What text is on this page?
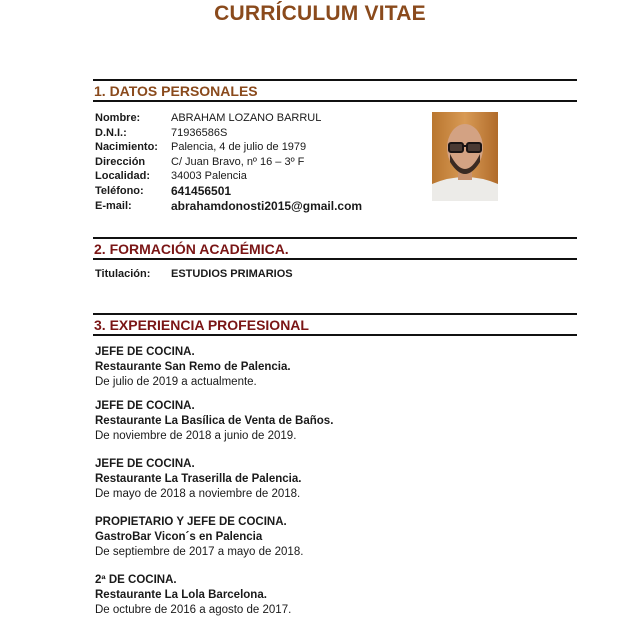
CURRÍCULUM VITAE
1. DATOS PERSONALES
Nombre:	ABRAHAM LOZANO BARRUL
D.N.I.:	71936586S
Nacimiento:	Palencia, 4 de julio de 1979
Dirección	C/ Juan Bravo, nº 16 – 3º F
Localidad:	34003 Palencia
Teléfono:	641456501
E-mail:	abrahamdonosti2015@gmail.com
2. FORMACIÓN ACADÉMICA.
Titulación:	ESTUDIOS PRIMARIOS
3. EXPERIENCIA PROFESIONAL
JEFE DE COCINA.
Restaurante San Remo de Palencia.
De julio de 2019 a actualmente.
JEFE DE COCINA.
Restaurante La Basílica de Venta de Baños.
De noviembre de 2018 a junio de 2019.
JEFE DE COCINA.
Restaurante La Traserilla de Palencia.
De mayo de 2018 a noviembre de 2018.
PROPIETARIO Y JEFE DE COCINA.
GastroBar Vicon´s en Palencia
De septiembre de 2017 a mayo de 2018.
2ª DE COCINA.
Restaurante La Lola Barcelona.
De octubre de 2016 a agosto de 2017.
